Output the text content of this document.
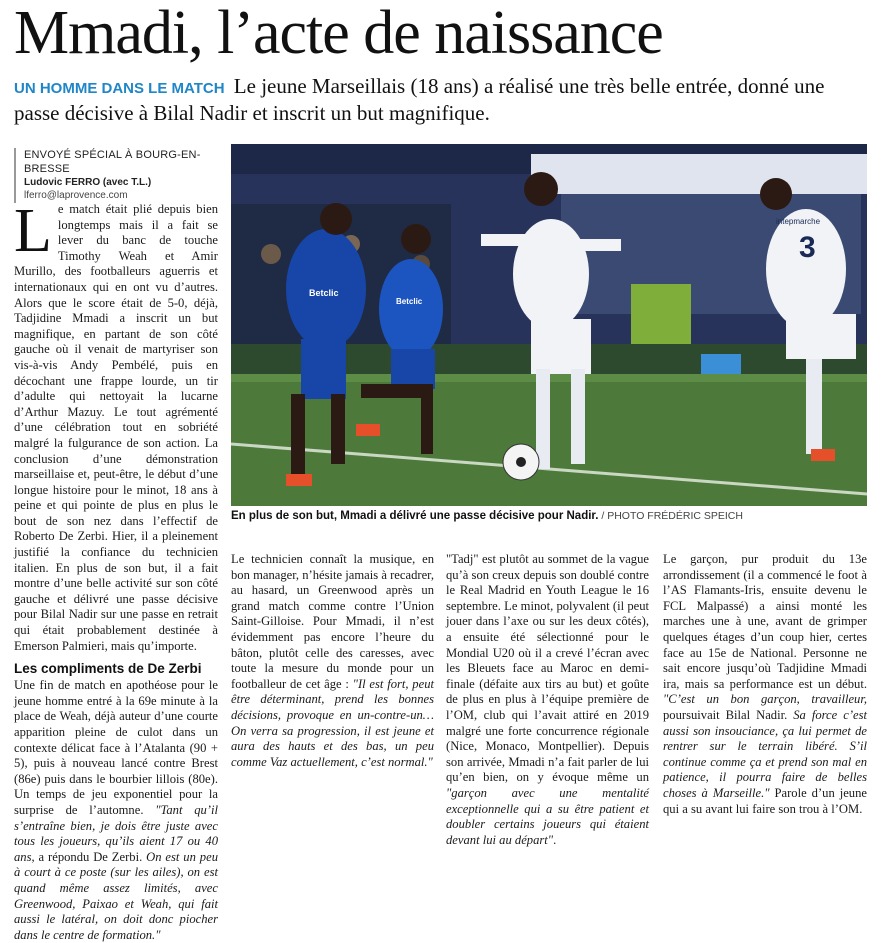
Mmadi, l’acte de naissance
UN HOMME DANS LE MATCH Le jeune Marseillais (18 ans) a réalisé une très belle entrée, donné une passe décisive à Bilal Nadir et inscrit un but magnifique.
ENVOYÉ SPÉCIAL À BOURG-EN-BRESSE
Ludovic FERRO (avec T.L.)
lferro@laprovence.com
Betclic
Betclic
3
intepmarche
En plus de son but, Mmadi a délivré une passe décisive pour Nadir. / PHOTO FRÉDÉRIC SPEICH

Le match était plié depuis bien longtemps mais il a fait se lever du banc de touche Timothy Weah et Amir Murillo, des footballeurs aguerris et internationaux qui en ont vu d’autres. Alors que le score était de 5-0, déjà, Tadjidine Mmadi a inscrit un but magnifique, en partant de son côté gauche où il venait de martyriser son vis-à-vis Andy Pembélé, puis en décochant une frappe lourde, un tir d’adulte qui nettoyait la lucarne d’Arthur Mazuy. Le tout agrémenté d’une célébration tout en sobriété malgré la fulgurance de son action. La conclusion d’une démonstration marseillaise et, peut-être, le début d’une longue histoire pour le minot, 18 ans à peine et qui pointe de plus en plus le bout de son nez dans l’effectif de Roberto De Zerbi. Hier, il a pleinement justifié la confiance du technicien italien. En plus de son but, il a fait montre d’une belle activité sur son côté gauche et délivré une passe décisive pour Bilal Nadir sur une passe en retrait qui était probablement destinée à Emerson Palmieri, mais qu’importe.

Les compliments de De Zerbi

Une fin de match en apothéose pour le jeune homme entré à la 69e minute à la place de Weah, déjà auteur d’une courte apparition pleine de culot dans un contexte délicat face à l’Atalanta (90 + 5), puis à nouveau lancé contre Brest (86e) puis dans le bourbier lillois (80e). Un temps de jeu exponentiel pour la surprise de l’automne. "Tant qu’il s’entraîne bien, je dois être juste avec tous les joueurs, qu’ils aient 17 ou 40 ans, a répondu De Zerbi. On est un peu à court à ce poste (sur les ailes), on est quand même assez limités, avec Greenwood, Paixao et Weah, qui fait aussi le latéral, on doit donc piocher dans le centre de formation."

Le technicien connaît la musique, en bon manager, n’hésite jamais à recadrer, au hasard, un Greenwood après un grand match comme contre l’Union Saint-Gilloise. Pour Mmadi, il n’est évidemment pas encore l’heure du bâton, plutôt celle des caresses, avec toute la mesure du monde pour un footballeur de cet âge : "Il est fort, peut être déterminant, prend les bonnes décisions, provoque en un-contre-un… On verra sa progression, il est jeune et aura des hauts et des bas, un peu comme Vaz actuellement, c’est normal."

"Tadj" est plutôt au sommet de la vague qu’à son creux depuis son doublé contre le Real Madrid en Youth League le 16 septembre. Le minot, polyvalent (il peut jouer dans l’axe ou sur les deux côtés), a ensuite été sélectionné pour le Mondial U20 où il a crevé l’écran avec les Bleuets face au Maroc en demi-finale (défaite aux tirs au but) et goûte de plus en plus à l’équipe première de l’OM, club qui l’avait attiré en 2019 malgré une forte concurrence régionale (Nice, Monaco, Montpellier). Depuis son arrivée, Mmadi n’a fait parler de lui qu’en bien, on y évoque même un "garçon avec une mentalité exceptionnelle qui a su être patient et doubler certains joueurs qui étaient devant lui au départ".

Le garçon, pur produit du 13e arrondissement (il a commencé le foot à l’AS Flamants-Iris, ensuite devenu le FCL Malpassé) a ainsi monté les marches une à une, avant de grimper quelques étages d’un coup hier, certes face au 15e de National. Personne ne sait encore jusqu’où Tadjidine Mmadi ira, mais sa performance est un début. "C’est un bon garçon, travailleur, poursuivait Bilal Nadir. Sa force c’est aussi son insouciance, ça lui permet de rentrer sur le terrain libéré. S’il continue comme ça et prend son mal en patience, il pourra faire de belles choses à Marseille." Parole d’un jeune qui a su avant lui faire son trou à l’OM.
